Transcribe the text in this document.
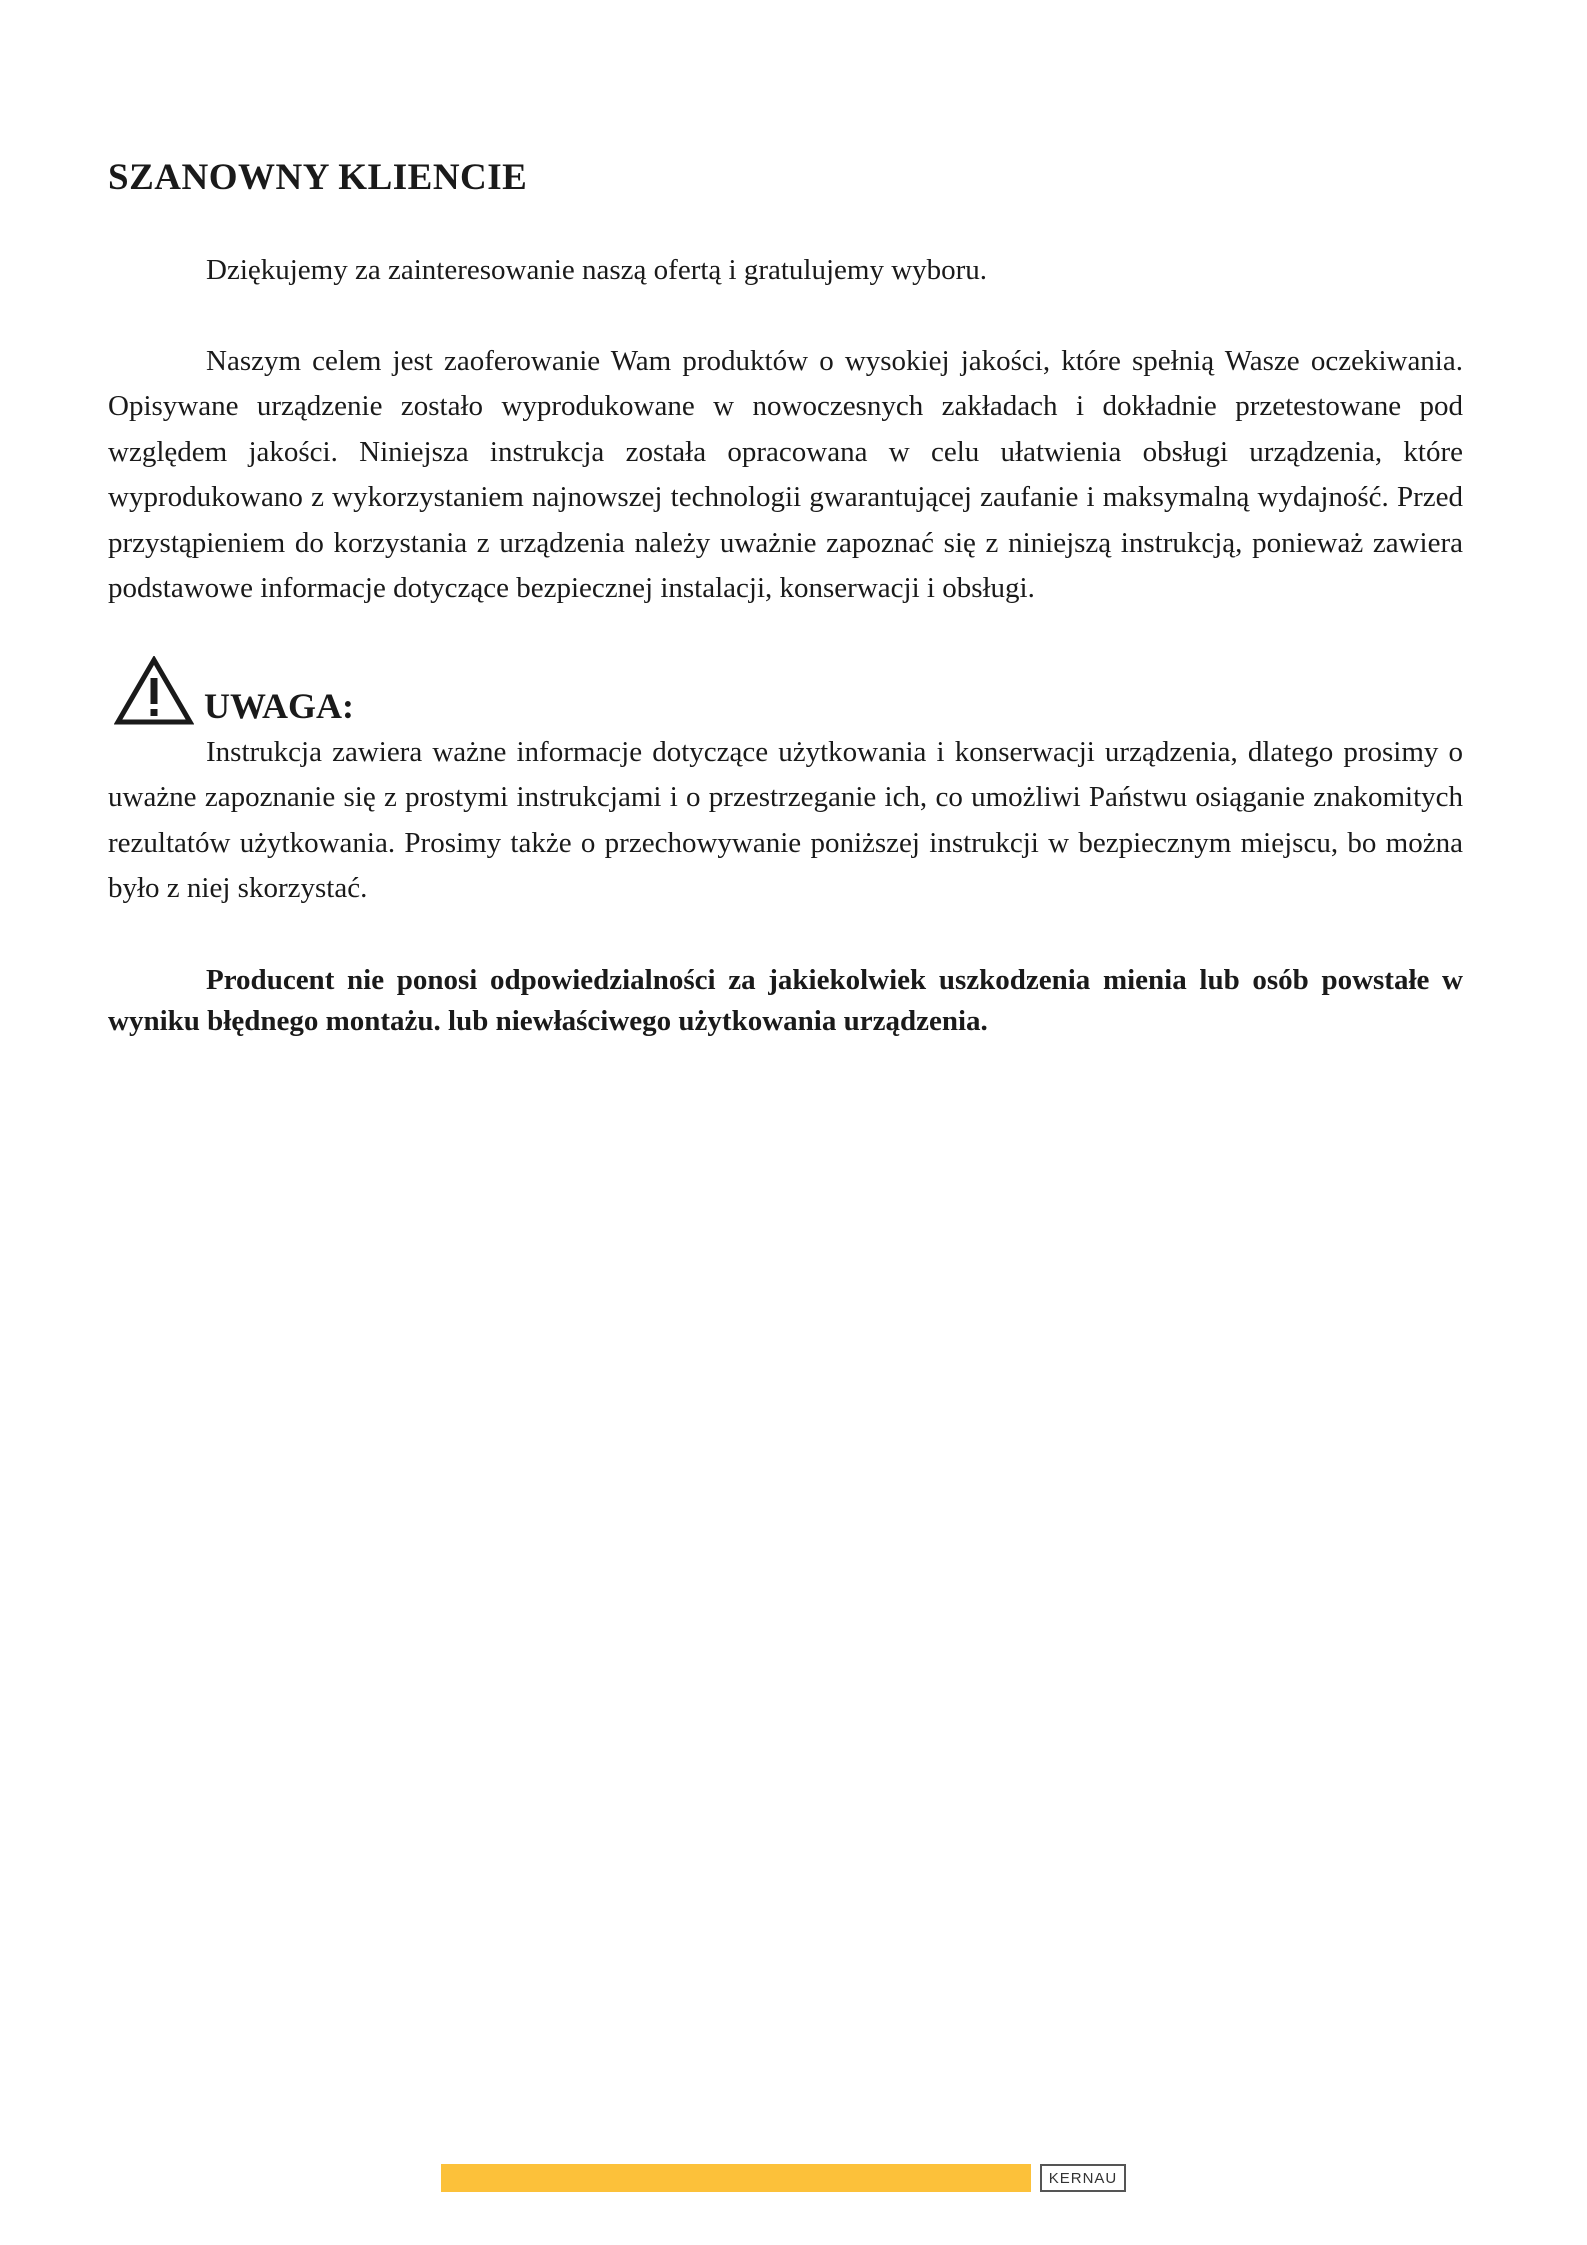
SZANOWNY KLIENCIE

Dziękujemy za zainteresowanie naszą ofertą i gratulujemy wyboru.

Naszym celem jest zaoferowanie Wam produktów o wysokiej jakości, które spełnią Wasze oczekiwania. Opisywane urządzenie zostało wyprodukowane w nowoczesnych zakładach i dokładnie przetestowane pod względem jakości. Niniejsza instrukcja została opracowana w celu ułatwienia obsługi urządzenia, które wyprodukowano z wykorzystaniem najnowszej technologii gwarantującej zaufanie i maksymalną wydajność. Przed przystąpieniem do korzystania z urządzenia należy uważnie zapoznać się z niniejszą instrukcją, ponieważ zawiera podstawowe informacje dotyczące bezpiecznej instalacji, konserwacji i obsługi.

UWAGA:

Instrukcja zawiera ważne informacje dotyczące użytkowania i konserwacji urządzenia, dlatego prosimy o uważne zapoznanie się z prostymi instrukcjami i o przestrzeganie ich, co umożliwi Państwu osiąganie znakomitych rezultatów użytkowania. Prosimy także o przechowywanie poniższej instrukcji w bezpiecznym miejscu, bo można było z niej skorzystać.

Producent nie ponosi odpowiedzialności za jakiekolwiek uszkodzenia mienia lub osób powstałe w wyniku błędnego montażu. lub niewłaściwego użytkowania urządzenia.

KERNAU
